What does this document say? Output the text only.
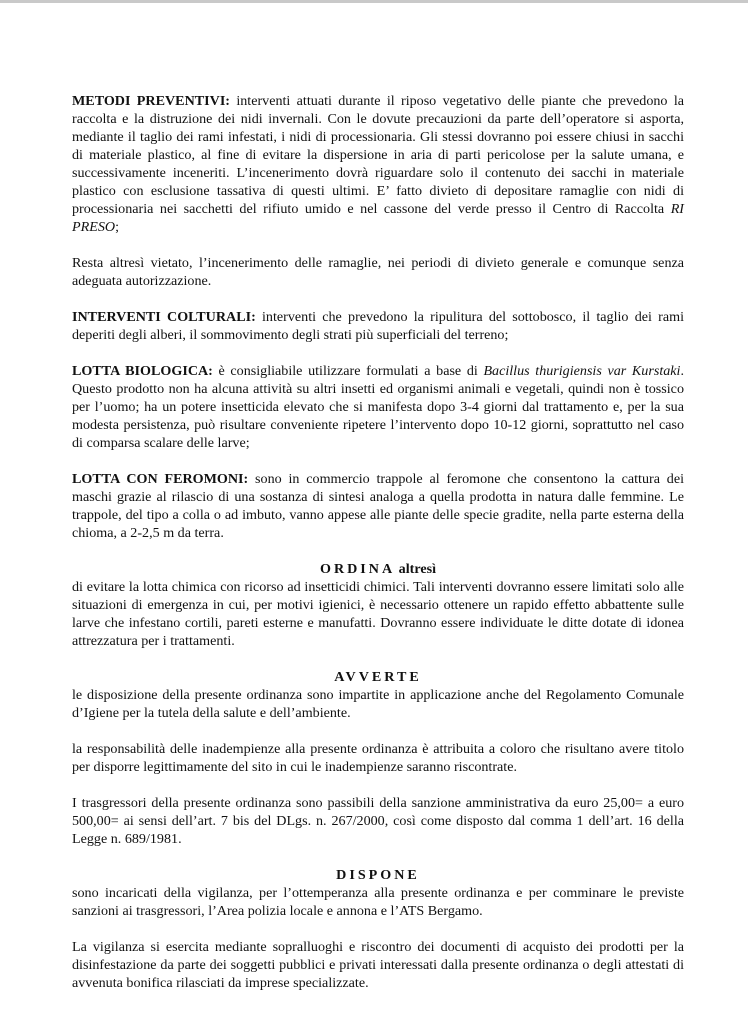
METODI PREVENTIVI: interventi attuati durante il riposo vegetativo delle piante che prevedono la raccolta e la distruzione dei nidi invernali. Con le dovute precauzioni da parte dell’operatore si asporta, mediante il taglio dei rami infestati, i nidi di processionaria. Gli stessi dovranno poi essere chiusi in sacchi di materiale plastico, al fine di evitare la dispersione in aria di parti pericolose per la salute umana, e successivamente inceneriti. L’incenerimento dovrà riguardare solo il contenuto dei sacchi in materiale plastico con esclusione tassativa di questi ultimi. E’ fatto divieto di depositare ramaglie con nidi di processionaria nei sacchetti del rifiuto umido e nel cassone del verde presso il Centro di Raccolta RI PRESO;

Resta altresì vietato, l’incenerimento delle ramaglie, nei periodi di divieto generale e comunque senza adeguata autorizzazione.

INTERVENTI COLTURALI: interventi che prevedono la ripulitura del sottobosco, il taglio dei rami deperiti degli alberi, il sommovimento degli strati più superficiali del terreno;

LOTTA BIOLOGICA: è consigliabile utilizzare formulati a base di Bacillus thurigiensis var Kurstaki. Questo prodotto non ha alcuna attività su altri insetti ed organismi animali e vegetali, quindi non è tossico per l’uomo; ha un potere insetticida elevato che si manifesta dopo 3-4 giorni dal trattamento e, per la sua modesta persistenza, può risultare conveniente ripetere l’intervento dopo 10-12 giorni, soprattutto nel caso di comparsa scalare delle larve;

LOTTA CON FEROMONI: sono in commercio trappole al feromone che consentono la cattura dei maschi grazie al rilascio di una sostanza di sintesi analoga a quella prodotta in natura dalle femmine. Le trappole, del tipo a colla o ad imbuto, vanno appese alle piante delle specie gradite, nella parte esterna della chioma, a 2-2,5 m da terra.

ORDINA altresì

di evitare la lotta chimica con ricorso ad insetticidi chimici. Tali interventi dovranno essere limitati solo alle situazioni di emergenza in cui, per motivi igienici, è necessario ottenere un rapido effetto abbattente sulle larve che infestano cortili, pareti esterne e manufatti. Dovranno essere individuate le ditte dotate di idonea attrezzatura per i trattamenti.

AVVERTE

le disposizione della presente ordinanza sono impartite in applicazione anche del Regolamento Comunale d’Igiene per la tutela della salute e dell’ambiente.

la responsabilità delle inadempienze alla presente ordinanza è attribuita a coloro che risultano avere titolo per disporre legittimamente del sito in cui le inadempienze saranno riscontrate.

I trasgressori della presente ordinanza sono passibili della sanzione amministrativa da euro 25,00= a euro 500,00= ai sensi dell’art. 7 bis del DLgs. n. 267/2000, così come disposto dal comma 1 dell’art. 16 della Legge n. 689/1981.

DISPONE

sono incaricati della vigilanza, per l’ottemperanza alla presente ordinanza e per comminare le previste sanzioni ai trasgressori, l’Area polizia locale e annona e l’ATS Bergamo.

La vigilanza si esercita mediante sopralluoghi e riscontro dei documenti di acquisto dei prodotti per la disinfestazione da parte dei soggetti pubblici e privati interessati dalla presente ordinanza o degli attestati di avvenuta bonifica rilasciati da imprese specializzate.
